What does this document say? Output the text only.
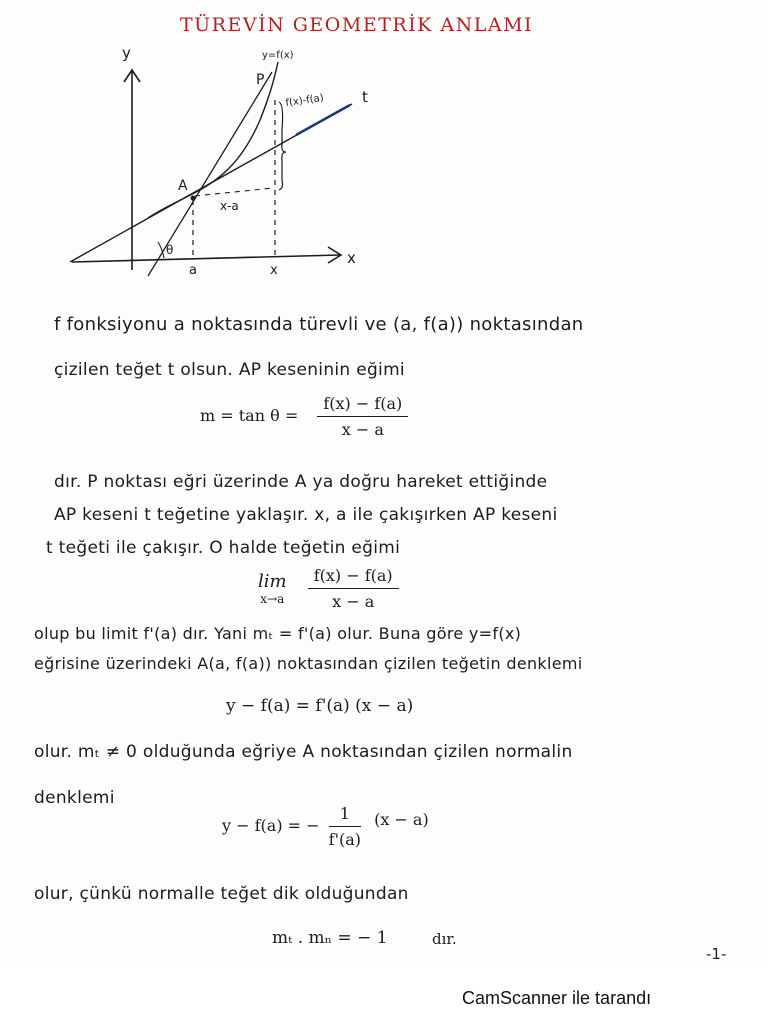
TÜREVİN GEOMETRİK ANLAMI
y
x
y=f(x)
P
t
A
x-a
f(x)-f(a)
θ
a	x
f fonksiyonu a noktasında türevli ve (a, f(a)) noktasından
çizilen teğet t olsun. AP keseninin eğimi
$m = \tan \theta = \frac{f(x) - f(a)}{x - a}$
dır. P noktası eğri üzerinde A ya doğru hareket ettiğinde
AP keseni t teğetine yaklaşır. x, a ile çakışırken AP keseni
t teğeti ile çakışır. O halde teğetin eğimi
lim
x→a
$\frac{f(x) - f(a)}{x - a}$
olup bu limit f'(a) dır. Yani mₜ = f'(a) olur. Buna göre y=f(x)
eğrisine üzerindeki A(a, f(a)) noktasından çizilen teğetin denklemi
y − f(a) = f'(a) (x − a)
olur. mₜ ≠ 0 olduğunda eğriye A noktasından çizilen normalin
denklemi
y − f(a) = − $\frac{1}{f'(a)} (x - a)$
olur, çünkü normalle teğet dik olduğundan
mₜ . mₙ = − 1	dır.
-1-
CamScanner ile tarandı
